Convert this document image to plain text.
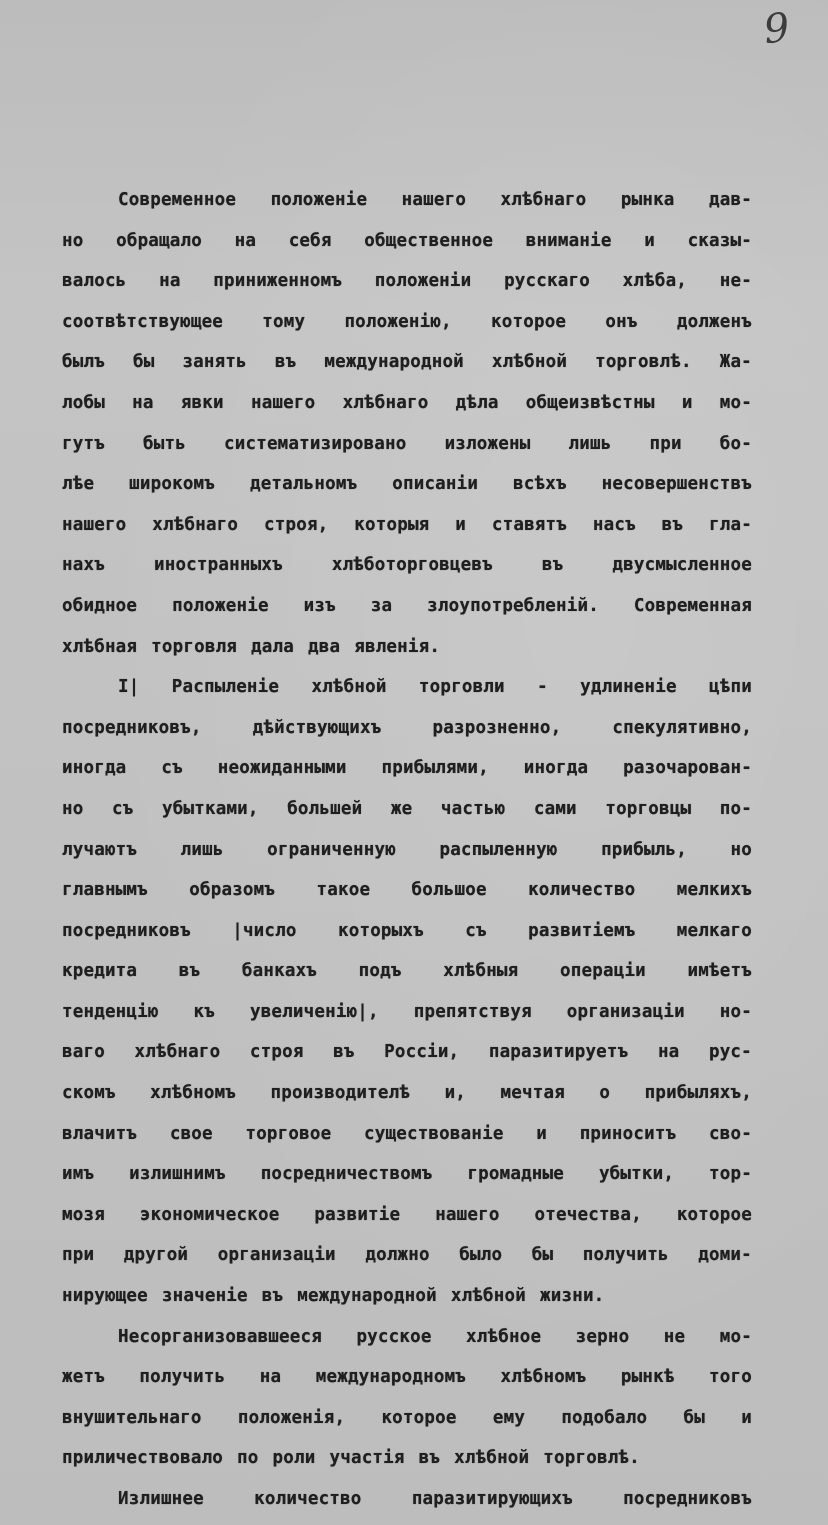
9
Современное положеніе нашего хлѣбнаго рынка дав-
но обращало на себя общественное вниманіе и сказы-
валось на приниженномъ положеніи русскаго хлѣба, не-
соотвѣтствующее тому положенію, которое онъ долженъ
былъ бы занять въ международной хлѣбной торговлѣ. Жа-
лобы на явки нашего хлѣбнаго дѣла общеизвѣстны и мо-
гутъ быть систематизировано изложены лишь при бо-
лѣе широкомъ детальномъ описаніи всѣхъ несовершенствъ
нашего хлѣбнаго строя, которыя и ставятъ насъ въ гла-
нахъ	иностранныхъ	хлѣботорговцевъ	въ	двусмысленное
обидное положеніе изъ за злоупотребленій. Современная
хлѣбная торговля дала два явленія.
I| Распыленіе хлѣбной торговли - удлиненіе цѣпи
посредниковъ,	дѣйствующихъ	разрозненно,	спекулятивно,
иногда съ неожиданными прибылями, иногда разочарован-
но съ убытками, большей же частью сами торговцы по-
лучаютъ лишь ограниченную распыленную прибыль, но
главнымъ образомъ такое большое количество мелкихъ
посредниковъ |число которыхъ съ развитіемъ мелкаго
кредита въ банкахъ подъ хлѣбныя операціи имѣетъ
тенденцію къ увеличенію|, препятствуя организаціи но-
ваго хлѣбнаго строя въ Россіи, паразитируетъ на рус-
скомъ хлѣбномъ производителѣ и, мечтая о прибыляхъ,
влачитъ свое торговое существованіе и приноситъ сво-
имъ излишнимъ посредничествомъ громадные убытки, тор-
мозя экономическое развитіе нашего отечества, которое
при другой организаціи должно было бы получить доми-
нирующее значеніе въ международной хлѣбной жизни.
Несорганизовавшееся русское хлѣбное зерно не мо-
жетъ получить на международномъ хлѣбномъ рынкѣ того
внушительнаго положенія, которое ему подобало бы и
приличествовало по роли участія въ хлѣбной торговлѣ.
Излишнее	количество	паразитирующихъ	посредниковъ
